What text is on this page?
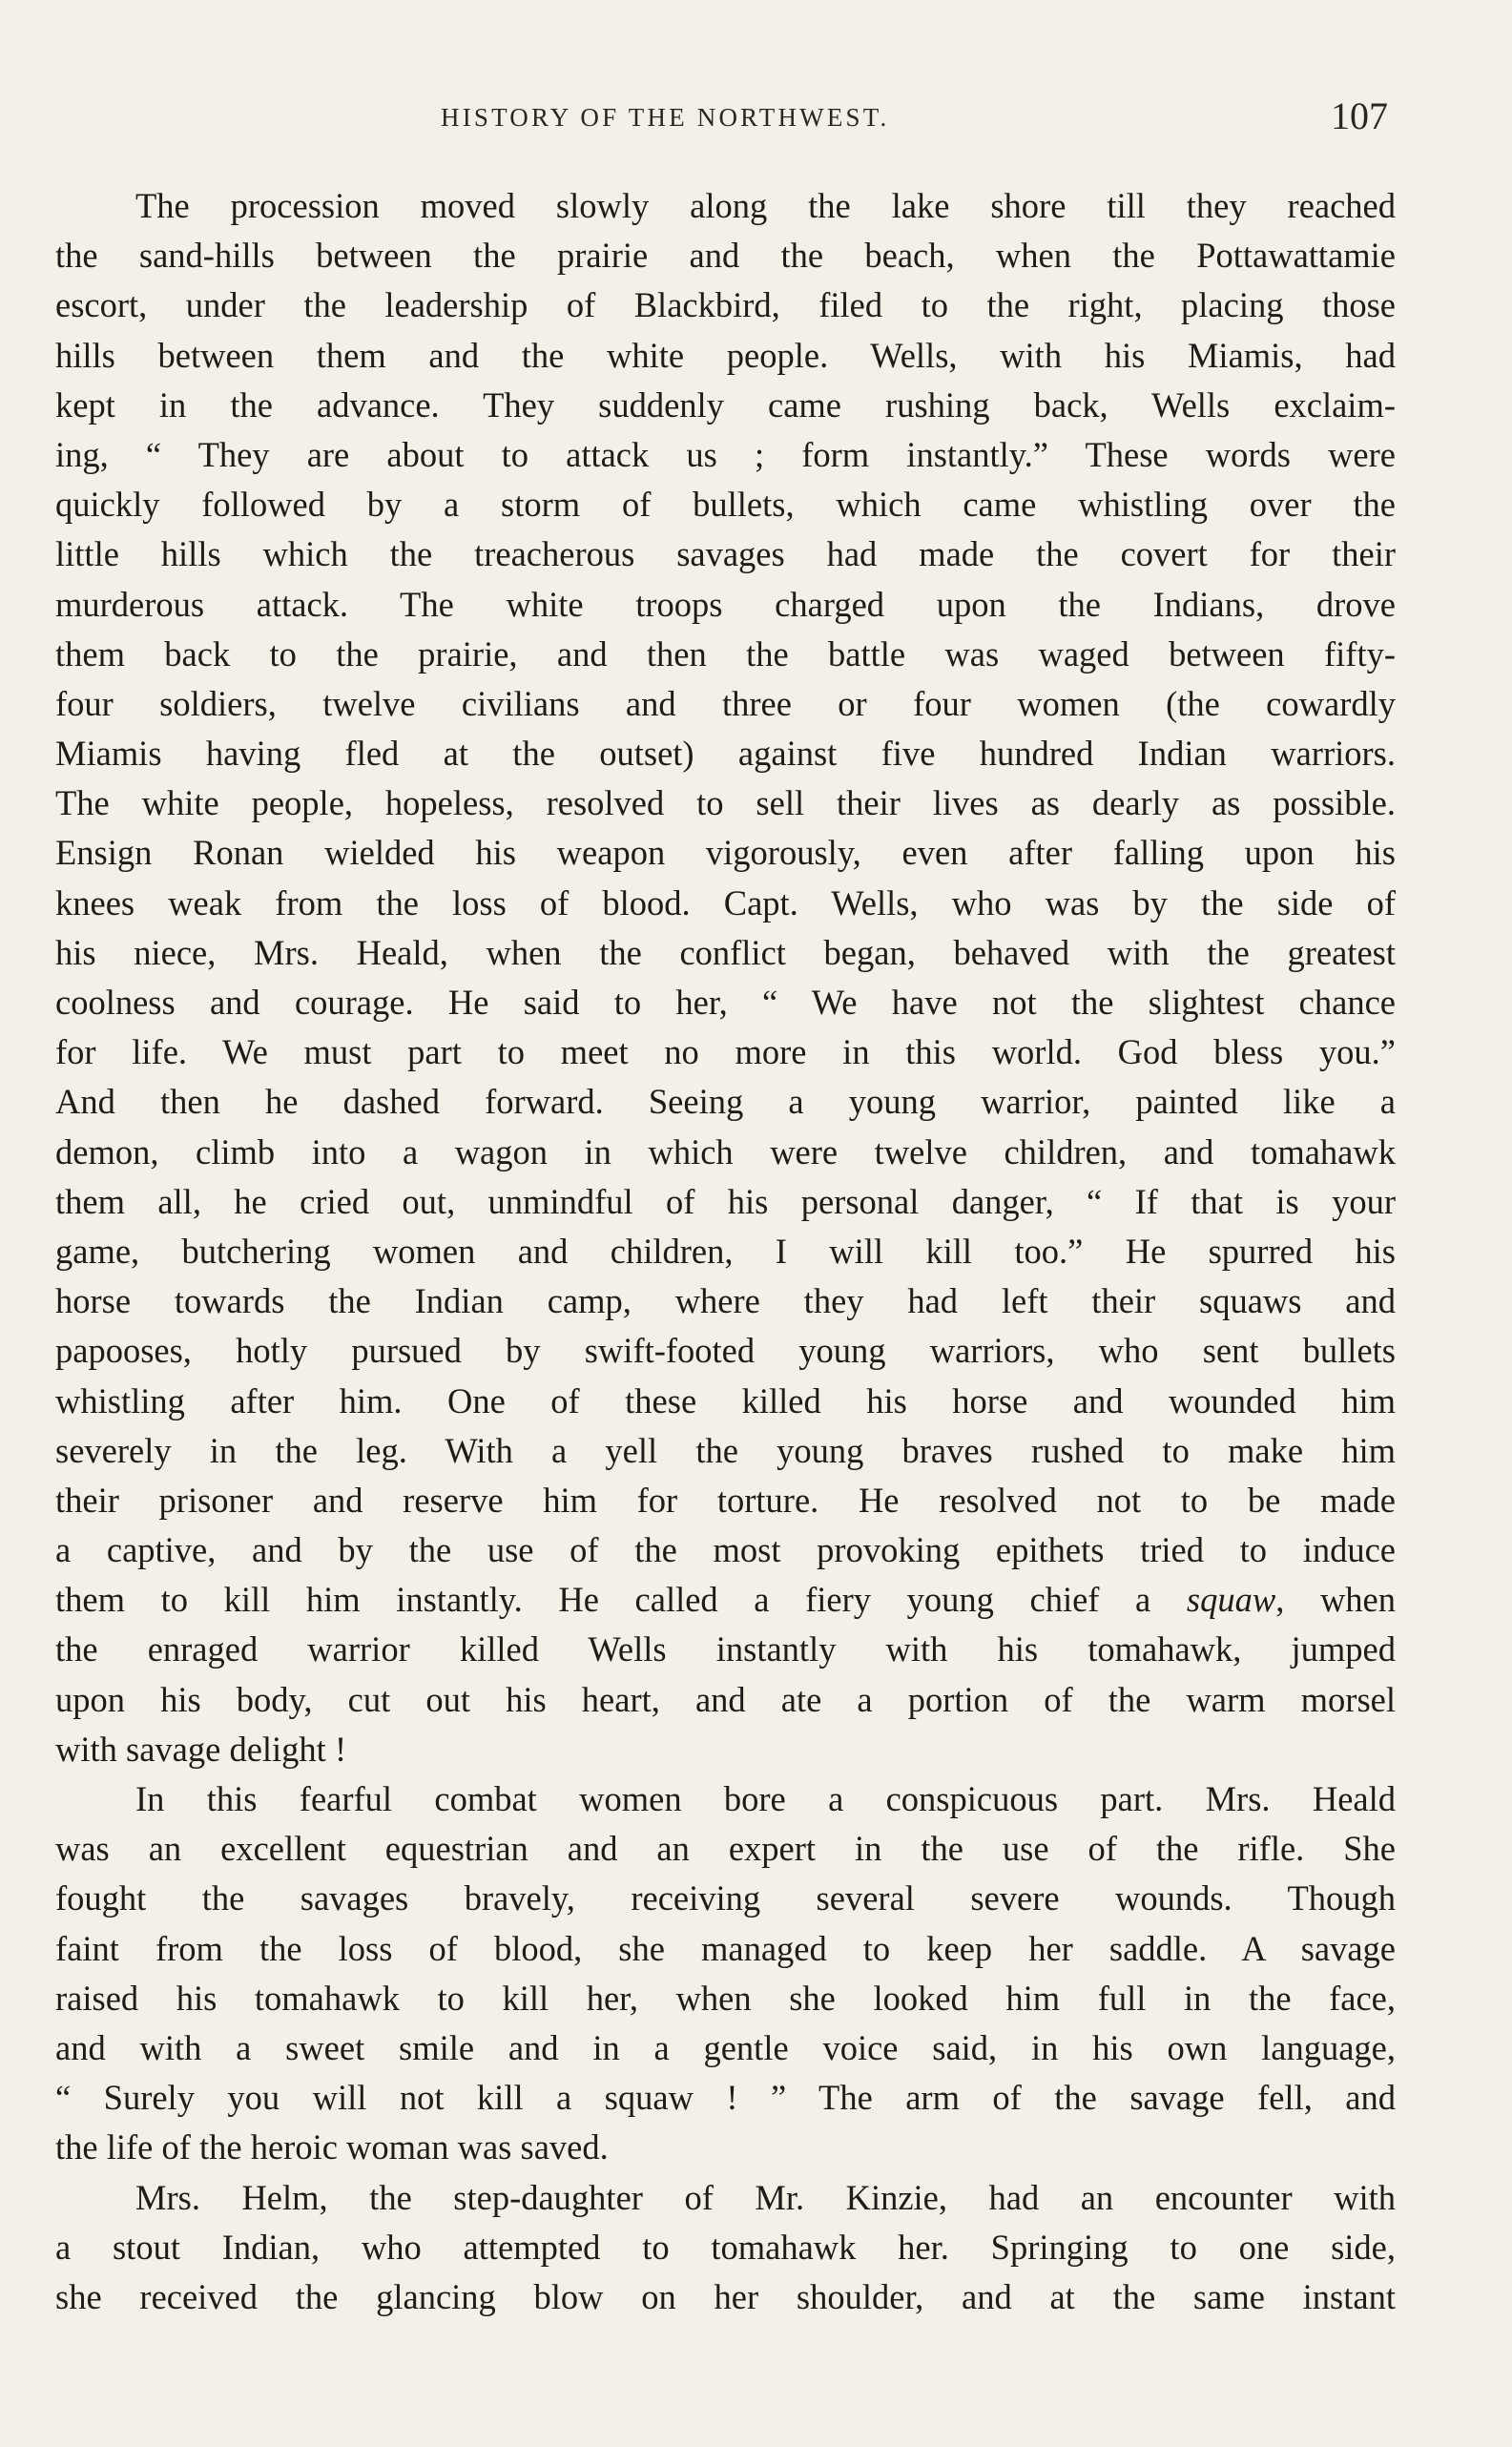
HISTORY OF THE NORTHWEST.	107
The procession moved slowly along the lake shore till they reached
the sand-hills between the prairie and the beach, when the Pottawattamie
escort, under the leadership of Blackbird, filed to the right, placing those
hills between them and the white people. Wells, with his Miamis, had
kept in the advance. They suddenly came rushing back, Wells exclaim-
ing, “ They are about to attack us ; form instantly.” These words were
quickly followed by a storm of bullets, which came whistling over the
little hills which the treacherous savages had made the covert for their
murderous attack. The white troops charged upon the Indians, drove
them back to the prairie, and then the battle was waged between fifty-
four soldiers, twelve civilians and three or four women (the cowardly
Miamis having fled at the outset) against five hundred Indian warriors.
The white people, hopeless, resolved to sell their lives as dearly as possible.
Ensign Ronan wielded his weapon vigorously, even after falling upon his
knees weak from the loss of blood. Capt. Wells, who was by the side of
his niece, Mrs. Heald, when the conflict began, behaved with the greatest
coolness and courage. He said to her, “ We have not the slightest chance
for life. We must part to meet no more in this world. God bless you.”
And then he dashed forward. Seeing a young warrior, painted like a
demon, climb into a wagon in which were twelve children, and tomahawk
them all, he cried out, unmindful of his personal danger, “ If that is your
game, butchering women and children, I will kill too.” He spurred his
horse towards the Indian camp, where they had left their squaws and
papooses, hotly pursued by swift-footed young warriors, who sent bullets
whistling after him. One of these killed his horse and wounded him
severely in the leg. With a yell the young braves rushed to make him
their prisoner and reserve him for torture. He resolved not to be made
a captive, and by the use of the most provoking epithets tried to induce
them to kill him instantly. He called a fiery young chief a squaw, when
the enraged warrior killed Wells instantly with his tomahawk, jumped
upon his body, cut out his heart, and ate a portion of the warm morsel
with savage delight !
In this fearful combat women bore a conspicuous part. Mrs. Heald
was an excellent equestrian and an expert in the use of the rifle. She
fought the savages bravely, receiving several severe wounds. Though
faint from the loss of blood, she managed to keep her saddle. A savage
raised his tomahawk to kill her, when she looked him full in the face,
and with a sweet smile and in a gentle voice said, in his own language,
“ Surely you will not kill a squaw ! ” The arm of the savage fell, and
the life of the heroic woman was saved.
Mrs. Helm, the step-daughter of Mr. Kinzie, had an encounter with
a stout Indian, who attempted to tomahawk her. Springing to one side,
she received the glancing blow on her shoulder, and at the same instant
